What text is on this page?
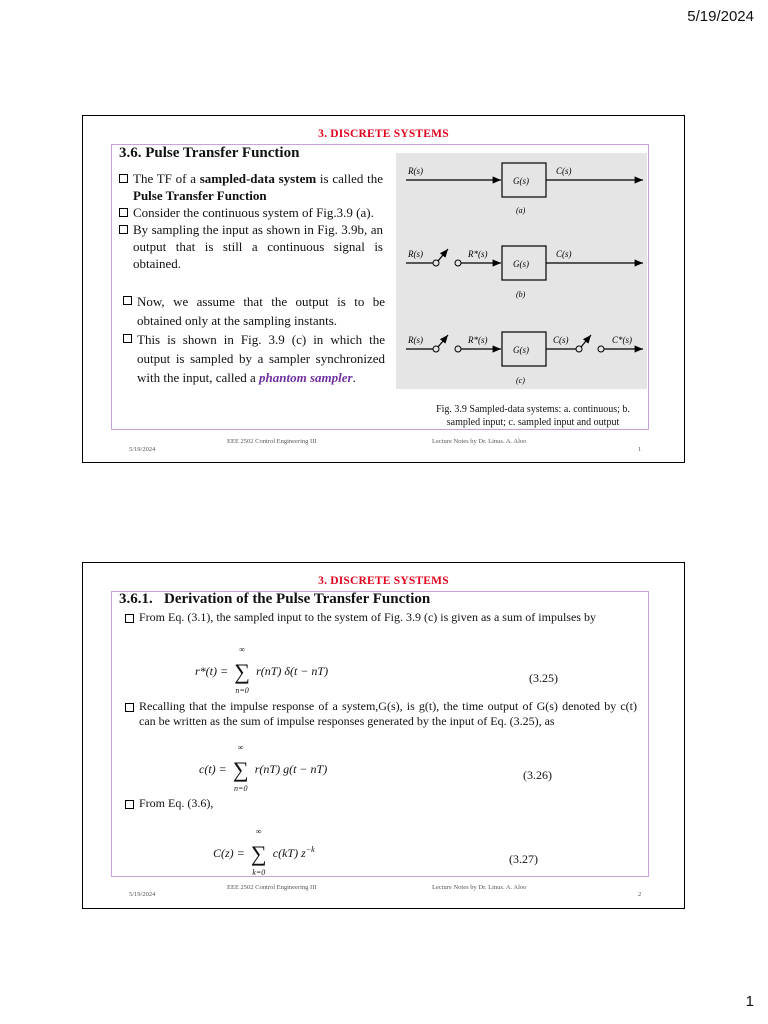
5/19/2024
3. DISCRETE SYSTEMS
3.6. Pulse Transfer Function
The TF of a sampled-data system is called the Pulse Transfer Function
Consider the continuous system of Fig.3.9 (a).
By sampling the input as shown in Fig. 3.9b, an output that is still a continuous signal is obtained.
Now, we assume that the output is to be obtained only at the sampling instants.
This is shown in Fig. 3.9 (c) in which the output is sampled by a sampler synchronized with the input, called a phantom sampler.
R(s)
G(s)
C(s)
(a)
R(s)	R*(s)
G(s)
C(s)
(b)
R(s)	R*(s)
G(s)
C(s)	C*(s)
(c)
Fig. 3.9 Sampled-data systems: a. continuous; b. sampled input; c. sampled input and output
5/19/2024
EEE 2502 Control Engineering III	Lecture Notes by Dr. Linus. A. Aloo
1
3. DISCRETE SYSTEMS
3.6.1.   Derivation of the Pulse Transfer Function
From Eq. (3.1), the sampled input to the system of Fig. 3.9 (c) is given as a sum of impulses by
r*(t) =
∞
∑
n=0
r(nT) δ(t − nT)	(3.25)
Recalling that the impulse response of a system,G(s), is g(t), the time output of G(s) denoted by c(t) can be written as the sum of impulse responses generated by the input of Eq. (3.25), as
c(t) =
∞
∑
n=0
r(nT) g(t − nT)	(3.26)
From Eq. (3.6),
C(z) =
∞
∑
k=0
c(kT) $z^{-k}$
(3.27)
5/19/2024
EEE 2502 Control Engineering III	Lecture Notes by Dr. Linus. A. Aloo
2
1
